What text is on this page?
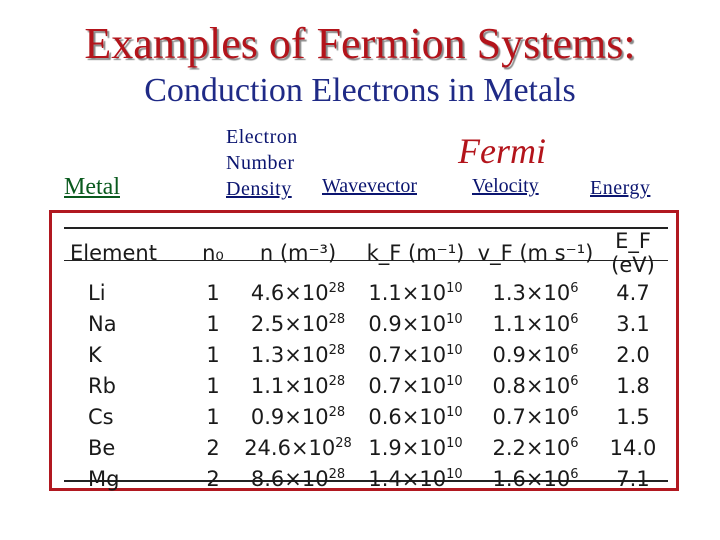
Examples of Fermion Systems:
Conduction Electrons in Metals
Metal
Electron
Number
Density
Fermi
Wavevector	Velocity	Energy
Element	n₀	n (m⁻³)	k_F (m⁻¹)	v_F (m s⁻¹)	E_F (eV)
Li	1	$4.6\times 10^{28}$	$1.1\times 10^{10}$	$1.3\times 10^6$	4.7
Na	1	$2.5\times 10^{28}$	$0.9\times 10^{10}$	$1.1\times 10^6$	3.1
K	1	$1.3\times 10^{28}$	$0.7\times 10^{10}$	$0.9\times 10^6$	2.0
Rb	1	$1.1\times 10^{28}$	$0.7\times 10^{10}$	$0.8\times 10^6$	1.8
Cs	1	$0.9\times 10^{28}$	$0.6\times 10^{10}$	$0.7\times 10^6$	1.5
Be	2	$24.6\times 10^{28}$	$1.9\times 10^{10}$	$2.2\times 10^6$	14.0
Mg	2	$8.6\times 10^{28}$	$1.4\times 10^{10}$	$1.6\times 10^6$	7.1
